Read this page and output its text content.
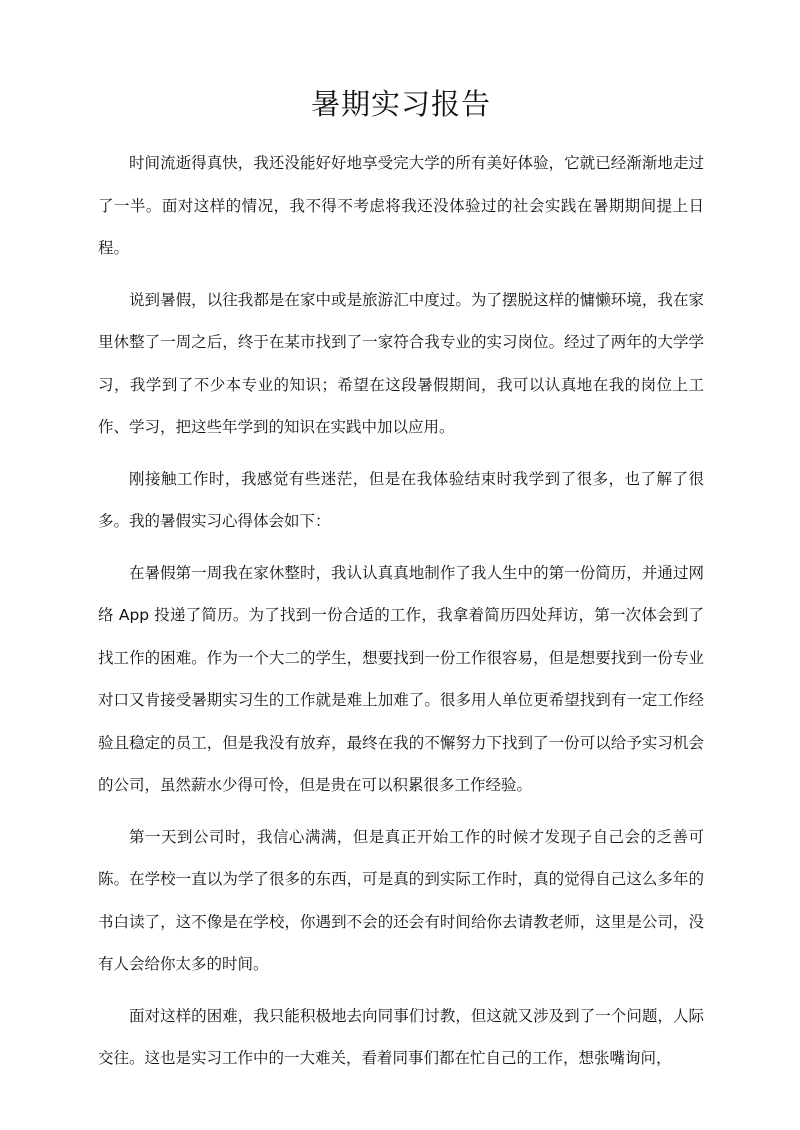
暑期实习报告

时间流逝得真快，我还没能好好地享受完大学的所有美好体验，它就已经渐渐地走过了一半。面对这样的情况，我不得不考虑将我还没体验过的社会实践在暑期期间提上日程。

说到暑假，以往我都是在家中或是旅游汇中度过。为了摆脱这样的慵懒环境，我在家里休整了一周之后，终于在某市找到了一家符合我专业的实习岗位。经过了两年的大学学习，我学到了不少本专业的知识；希望在这段暑假期间，我可以认真地在我的岗位上工作、学习，把这些年学到的知识在实践中加以应用。

刚接触工作时，我感觉有些迷茫，但是在我体验结束时我学到了很多，也了解了很多。我的暑假实习心得体会如下：

在暑假第一周我在家休整时，我认认真真地制作了我人生中的第一份简历，并通过网络 App 投递了简历。为了找到一份合适的工作，我拿着简历四处拜访，第一次体会到了找工作的困难。作为一个大二的学生，想要找到一份工作很容易，但是想要找到一份专业对口又肯接受暑期实习生的工作就是难上加难了。很多用人单位更希望找到有一定工作经验且稳定的员工，但是我没有放弃，最终在我的不懈努力下找到了一份可以给予实习机会的公司，虽然薪水少得可怜，但是贵在可以积累很多工作经验。

第一天到公司时，我信心满满，但是真正开始工作的时候才发现子自己会的乏善可陈。在学校一直以为学了很多的东西，可是真的到实际工作时，真的觉得自己这么多年的书白读了，这不像是在学校，你遇到不会的还会有时间给你去请教老师，这里是公司，没有人会给你太多的时间。

面对这样的困难，我只能积极地去向同事们讨教，但这就又涉及到了一个问题，人际交往。这也是实习工作中的一大难关，看着同事们都在忙自己的工作，想张嘴询问，
